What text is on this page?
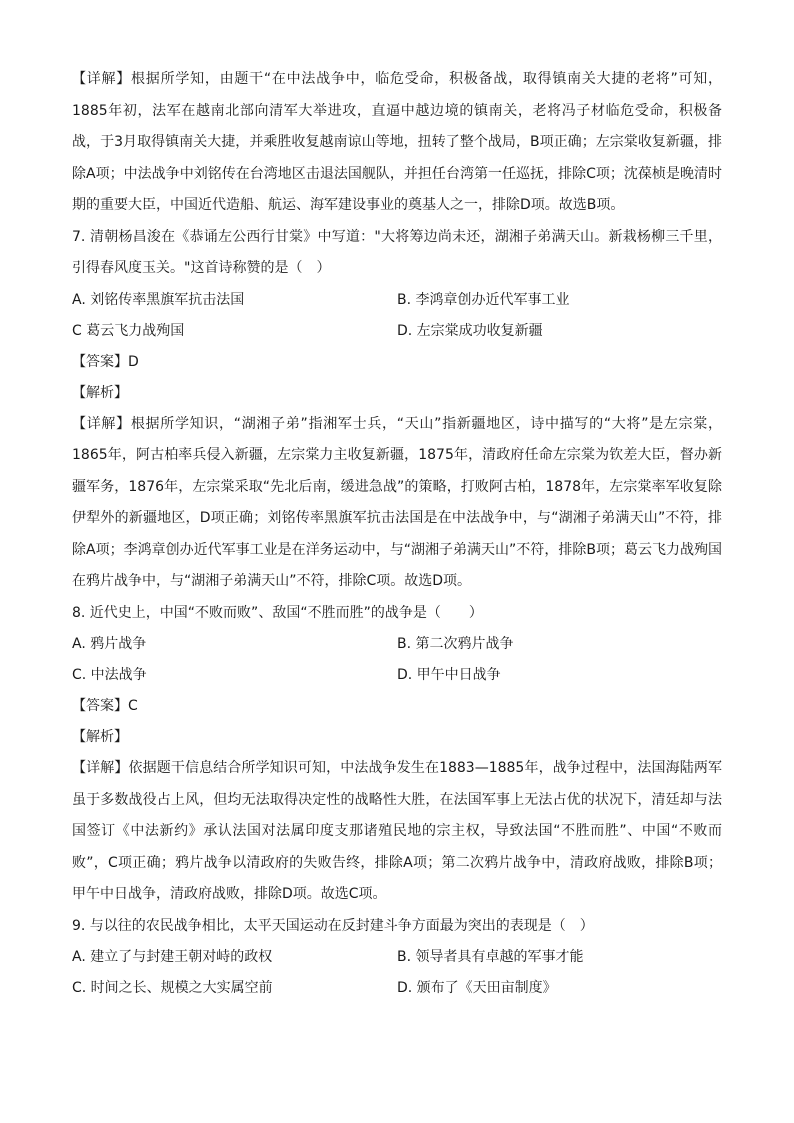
【详解】根据所学知，由题干“在中法战争中，临危受命，积极备战，取得镇南关大捷的老将”可知，1885年初，法军在越南北部向清军大举进攻，直逼中越边境的镇南关，老将冯子材临危受命，积极备战，于3月取得镇南关大捷，并乘胜收复越南谅山等地，扭转了整个战局，B项正确；左宗棠收复新疆，排除A项；中法战争中刘铭传在台湾地区击退法国舰队，并担任台湾第一任巡抚，排除C项；沈葆桢是晚清时期的重要大臣，中国近代造船、航运、海军建设事业的奠基人之一，排除D项。故选B项。
7. 清朝杨昌浚在《恭诵左公西行甘棠》中写道："大将筹边尚未还，湖湘子弟满天山。新栽杨柳三千里，引得春风度玉关。"这首诗称赞的是（　）
A. 刘铭传率黑旗军抗击法国	B. 李鸿章创办近代军事工业
C 葛云飞力战殉国	D. 左宗棠成功收复新疆
【答案】D
【解析】
【详解】根据所学知识，“湖湘子弟”指湘军士兵，“天山”指新疆地区，诗中描写的“大将”是左宗棠，1865年，阿古柏率兵侵入新疆，左宗棠力主收复新疆，1875年，清政府任命左宗棠为钦差大臣，督办新疆军务，1876年，左宗棠采取“先北后南，缓进急战”的策略，打败阿古柏，1878年，左宗棠率军收复除伊犁外的新疆地区，D项正确；刘铭传率黑旗军抗击法国是在中法战争中，与“湖湘子弟满天山”不符，排除A项；李鸿章创办近代军事工业是在洋务运动中，与“湖湘子弟满天山”不符，排除B项；葛云飞力战殉国在鸦片战争中，与“湖湘子弟满天山”不符，排除C项。故选D项。
8. 近代史上，中国“不败而败”、敌国“不胜而胜”的战争是（　　）
A. 鸦片战争	B. 第二次鸦片战争
C. 中法战争	D. 甲午中日战争
【答案】C
【解析】
【详解】依据题干信息结合所学知识可知，中法战争发生在1883—1885年，战争过程中，法国海陆两军虽于多数战役占上风，但均无法取得决定性的战略性大胜，在法国军事上无法占优的状况下，清廷却与法国签订《中法新约》承认法国对法属印度支那诸殖民地的宗主权，导致法国“不胜而胜”、中国“不败而败”，C项正确；鸦片战争以清政府的失败告终，排除A项；第二次鸦片战争中，清政府战败，排除B项；甲午中日战争，清政府战败，排除D项。故选C项。
9. 与以往的农民战争相比，太平天国运动在反封建斗争方面最为突出的表现是（　）
A. 建立了与封建王朝对峙的政权	B. 领导者具有卓越的军事才能
C. 时间之长、规模之大实属空前	D. 颁布了《天田亩制度》
